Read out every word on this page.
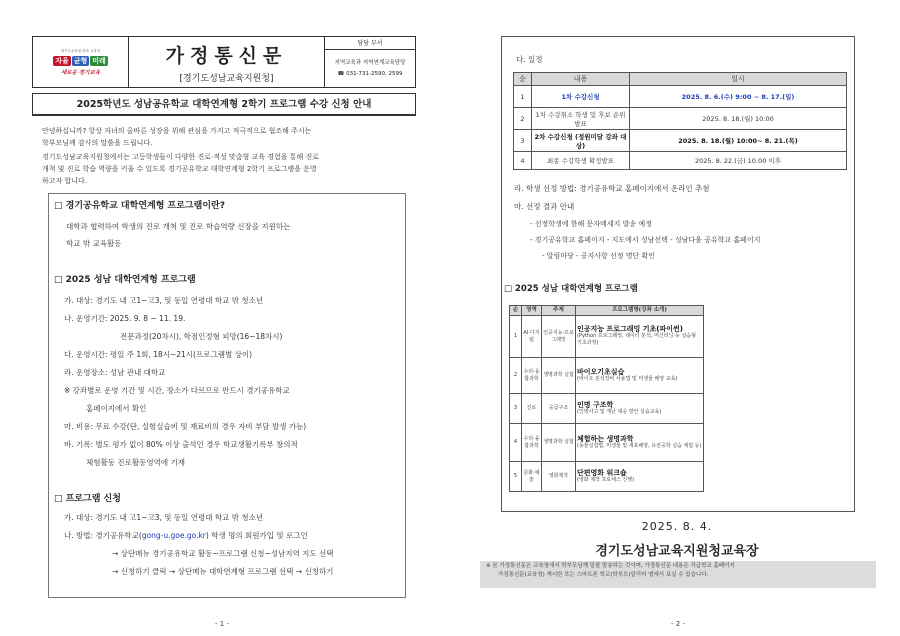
경기도교육청 과학 교과서
자율 균형 미래
새로운 경기교육
가정통신문
[경기도성남교육지원청]
담당 부서
지역교육과 지역연계교육담당
☎ 031-731-2590, 2599
2025학년도 성남공유학교 대학연계형 2학기 프로그램 수강 신청 안내
안녕하십니까? 항상 자녀의 올바른 성장을 위해 관심을 가지고 적극적으로 협조해 주시는
학부모님께 감사의 말씀을 드립니다.
경기도성남교육지원청에서는 고등학생들이 다양한 진로·적성 맞춤형 교육 경험을 통해 진로
개척 및 진로 학습 역량을 키울 수 있도록 경기공유학교 대학연계형 2학기 프로그램을 운영
하고자 합니다.
□ 경기공유학교 대학연계형 프로그램이란?
대학과 협력하여 학생의 진로 개척 및 진로 학습역량 신장을 지원하는
학교 밖 교육활동
□ 2025 성남 대학연계형 프로그램
가. 대상: 경기도 내 고1~고3, 및 동일 연령대 학교 밖 청소년
나. 운영기간: 2025. 9. 8 ~ 11. 19.
전문과정(20차시), 학점인정형 피망(16~18차시)
다. 운영시간: 평일 주 1회, 18시~21시(프로그램별 상이)
라. 운영장소: 성남 관내 대학교
※ 강좌별로 운영 기간 및 시간, 장소가 다르므로 반드시 경기공유학교
홈페이지에서 확인
마. 비용: 무료 수강(단, 실험실습비 및 재료비의 경우 자비 부담 발생 가능)
바. 기록: 별도 평가 없이 80% 이상 출석인 경우 학교생활기록부 창의적
체험활동 진로활동영역에 기재
□ 프로그램 신청
가. 대상: 경기도 내 고1~고3, 및 동일 연령대 학교 밖 청소년
나. 방법: 경기공유학교(gong-u.goe.go.kr) 학생 명의 회원가입 및 로그인
→ 상단메뉴 경기공유학교 활동~프로그램 신청~성남지역 지도 선택
→ 신청하기 클릭 → 상단메뉴 대학연계형 프로그램 선택 → 신청하기
- 1 -
다. 일정
순	내용	일시
1	1차 수강신청	2025. 8. 6.(수) 9:00 ~ 8. 17.(일)
2	1차 수강취소 학생 및 후보 순위 발표	2025. 8. 18.(월) 10:00
3	2차 수강신청 (정원미달 강좌 대상)	2025. 8. 18.(월) 10:00~ 8. 21.(목)
4	최종 수강학생 확정발표	2025. 8. 22.(금) 10:00 이후
라. 학생 선정 방법: 경기공유학교 홈페이지에서 온라인 추첨
마. 선정 결과 안내
- 선정학생에 한해 문자메세지 발송 예정
- 경기공유학교 홈페이지 - 지도에서 성남선택 - 성남다움 공유학교 홈페이지
- 알림마당 - 공지사항 선정 명단 확인
□ 2025 성남 대학연계형 프로그램
순	영역	주제	프로그램명(강좌 소개)
1	AI·디지털	인공지능·프로그래밍	인공지능 프로그래밍 기초(파이썬)
(Python 프로그래밍, 데이터 분석, 머신러닝 등 실습형 기초과정)
2	수리·융합과학	생명과학 실험	바이오기초실습
(바이오 분석장비 사용법 및 미생물 배양 교육)
3	진로	응급구조	인명 구조학
(인명사고 및 재난 대응 방안 실습교육)
4	수리·융합과학	생명과학 실험	체험하는 생명과학
(동물실험법, 미생물 및 세포배양, 유전공학 실습 체험 등)
5	문화·예술	영화제작	단편영화 워크숍
(영화 제작 프로세스 진행)
2025. 8. 4.
경기도성남교육지원청교육장
※ 본 가정통신문은 교육청에서 학부모님께 일괄 발송하는 것이며, 가정통신문 내용은 각급학교 홈페이지
가정통신문(교육청) 게시란 또는 스마트폰 학교(학부모)알리미 앱에서 보실 수 있습니다.
- 2 -
